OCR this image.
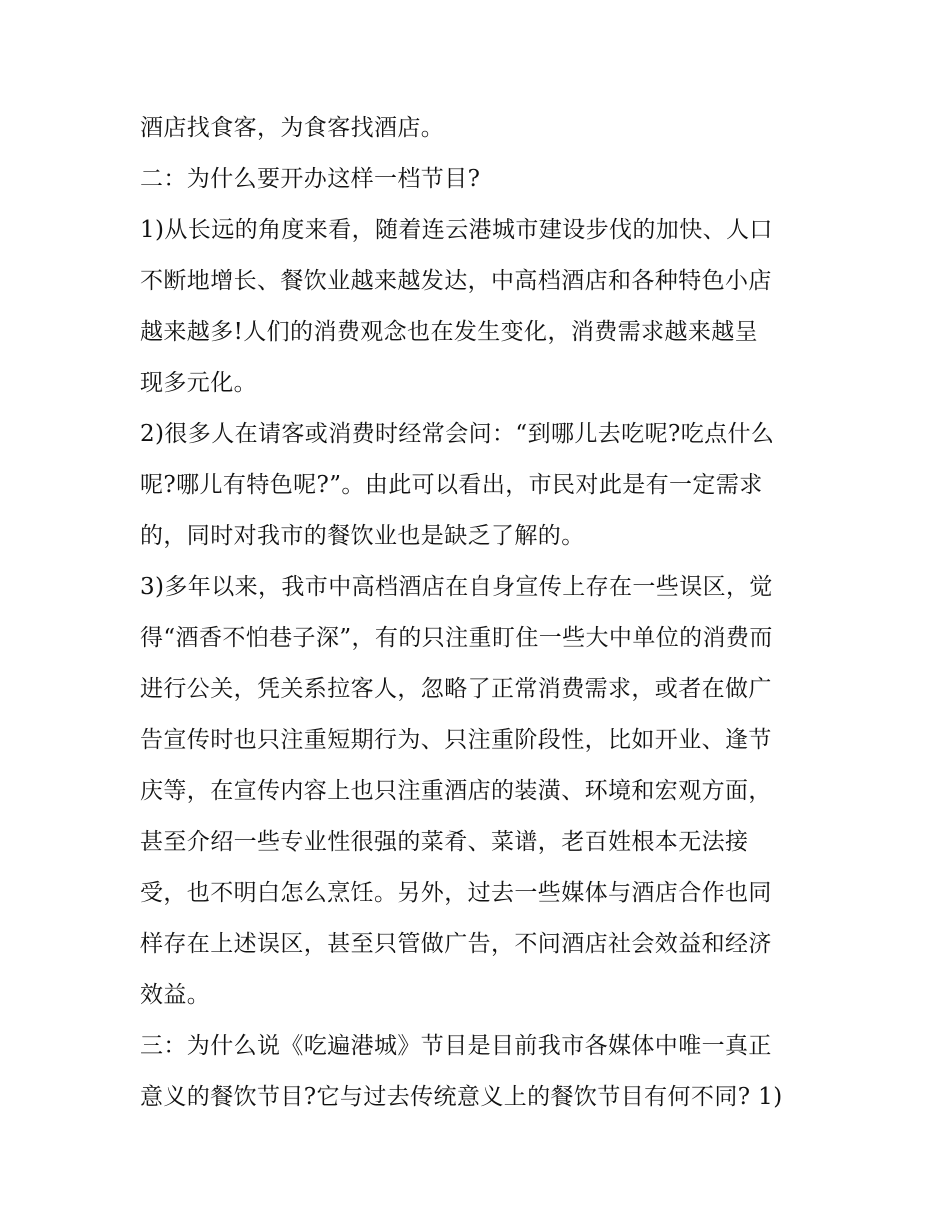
酒店找食客，为食客找酒店。
二：为什么要开办这样一档节目?
1)从长远的角度来看，随着连云港城市建设步伐的加快、人口
不断地增长、餐饮业越来越发达，中高档酒店和各种特色小店
越来越多!人们的消费观念也在发生变化，消费需求越来越呈
现多元化。
2)很多人在请客或消费时经常会问：“到哪儿去吃呢?吃点什么
呢?哪儿有特色呢?”。由此可以看出，市民对此是有一定需求
的，同时对我市的餐饮业也是缺乏了解的。
3)多年以来，我市中高档酒店在自身宣传上存在一些误区，觉
得“酒香不怕巷子深”，有的只注重盯住一些大中单位的消费而
进行公关，凭关系拉客人，忽略了正常消费需求，或者在做广
告宣传时也只注重短期行为、只注重阶段性，比如开业、逢节
庆等，在宣传内容上也只注重酒店的装潢、环境和宏观方面，
甚至介绍一些专业性很强的菜肴、菜谱，老百姓根本无法接
受，也不明白怎么烹饪。另外，过去一些媒体与酒店合作也同
样存在上述误区，甚至只管做广告，不问酒店社会效益和经济
效益。
三：为什么说《吃遍港城》节目是目前我市各媒体中唯一真正
意义的餐饮节目?它与过去传统意义上的餐饮节目有何不同? 1)
